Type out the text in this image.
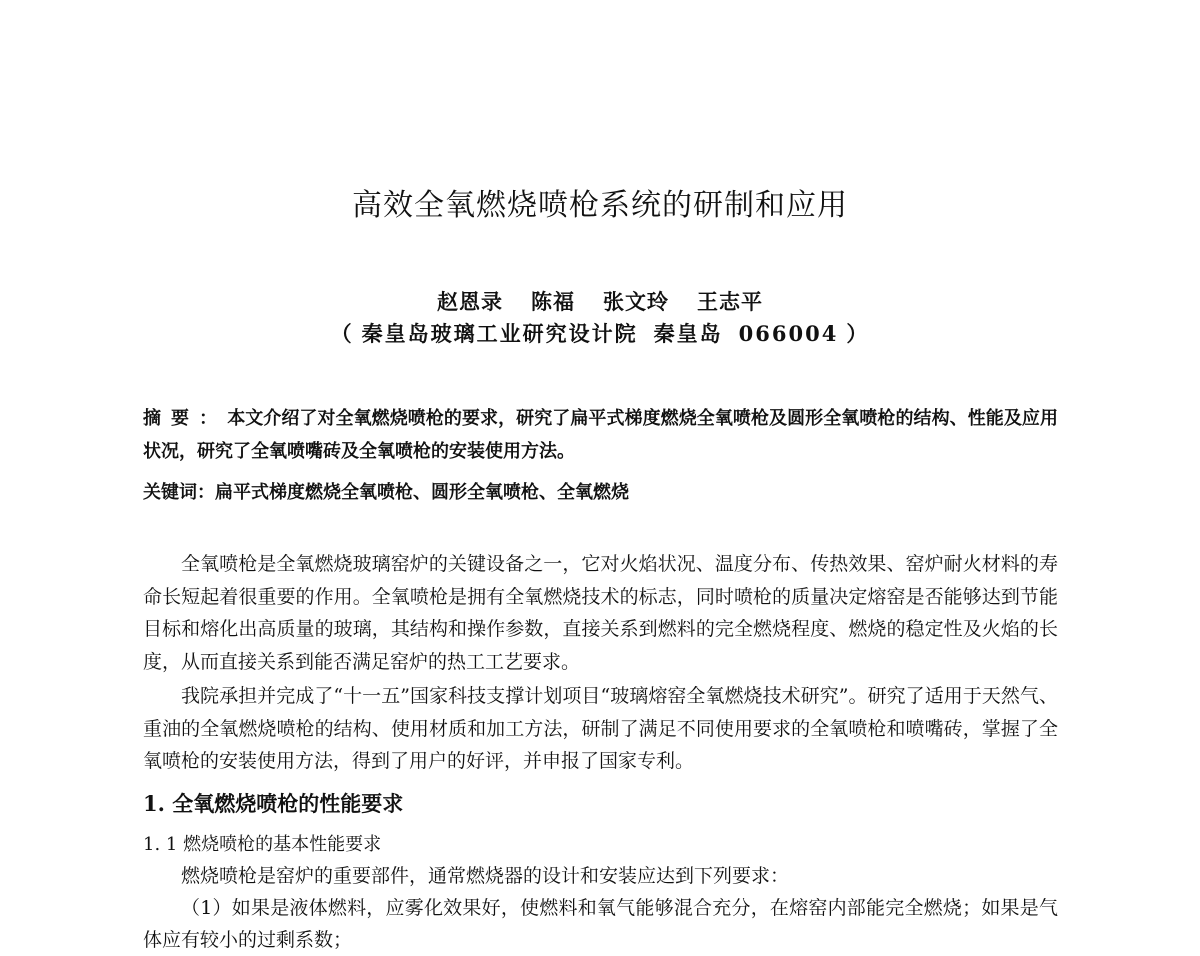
高效全氧燃烧喷枪系统的研制和应用
赵恩录 陈福 张文玲 王志平
（ 秦皇岛玻璃工业研究设计院 秦皇岛 066004 ）
摘要：本文介绍了对全氧燃烧喷枪的要求，研究了扁平式梯度燃烧全氧喷枪及圆形全氧喷枪的结构、性能及应用状况，研究了全氧喷嘴砖及全氧喷枪的安装使用方法。
关键词：扁平式梯度燃烧全氧喷枪、圆形全氧喷枪、全氧燃烧

全氧喷枪是全氧燃烧玻璃窑炉的关键设备之一，它对火焰状况、温度分布、传热效果、窑炉耐火材料的寿命长短起着很重要的作用。全氧喷枪是拥有全氧燃烧技术的标志，同时喷枪的质量决定熔窑是否能够达到节能目标和熔化出高质量的玻璃，其结构和操作参数，直接关系到燃料的完全燃烧程度、燃烧的稳定性及火焰的长度，从而直接关系到能否满足窑炉的热工工艺要求。

我院承担并完成了“十一五”国家科技支撑计划项目“玻璃熔窑全氧燃烧技术研究”。研究了适用于天然气、重油的全氧燃烧喷枪的结构、使用材质和加工方法，研制了满足不同使用要求的全氧喷枪和喷嘴砖，掌握了全氧喷枪的安装使用方法，得到了用户的好评，并申报了国家专利。

1. 全氧燃烧喷枪的性能要求
1. 1 燃烧喷枪的基本性能要求

燃烧喷枪是窑炉的重要部件，通常燃烧器的设计和安装应达到下列要求：

（1）如果是液体燃料，应雾化效果好，使燃料和氧气能够混合充分，在熔窑内部能完全燃烧；如果是气体应有较小的过剩系数；
